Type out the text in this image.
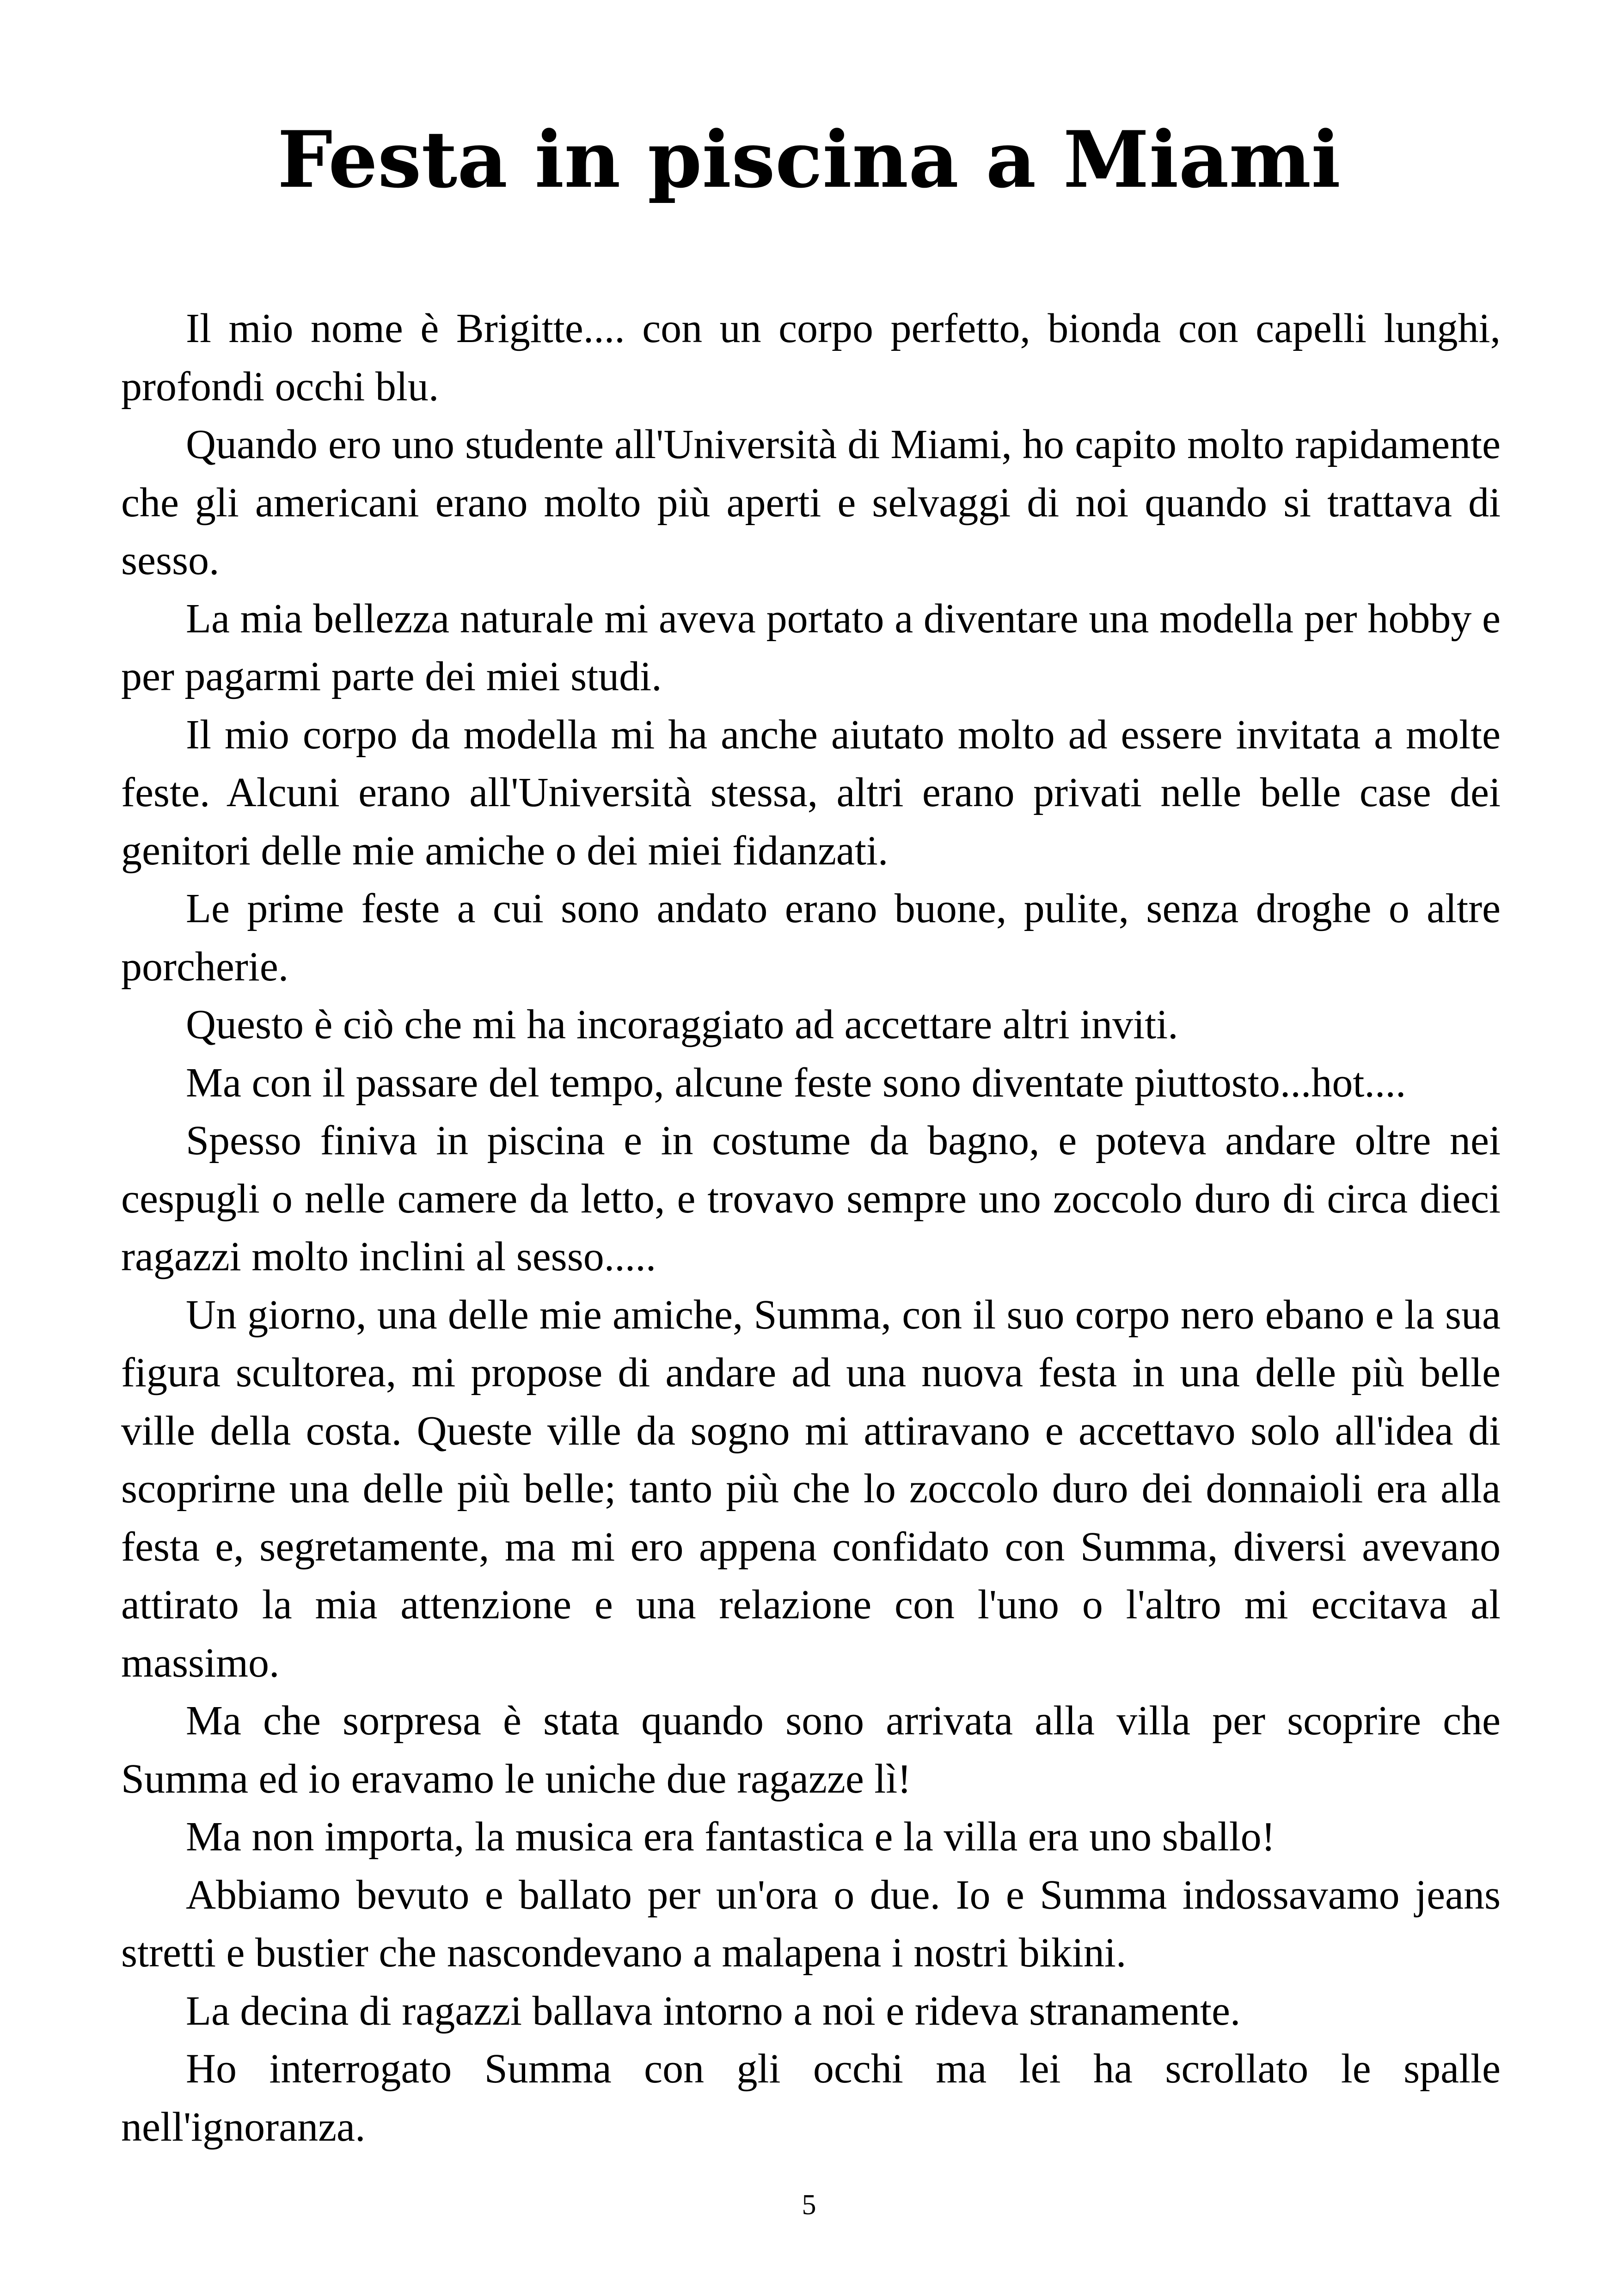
Festa in piscina a Miami

Il mio nome è Brigitte.... con un corpo perfetto, bionda con capelli lunghi, profondi occhi blu.

Quando ero uno studente all'Università di Miami, ho capito molto rapidamente che gli americani erano molto più aperti e selvaggi di noi quando si trattava di sesso.

La mia bellezza naturale mi aveva portato a diventare una modella per hobby e per pagarmi parte dei miei studi.

Il mio corpo da modella mi ha anche aiutato molto ad essere invitata a molte feste. Alcuni erano all'Università stessa, altri erano privati nelle belle case dei genitori delle mie amiche o dei miei fidanzati.

Le prime feste a cui sono andato erano buone, pulite, senza droghe o altre porcherie.

Questo è ciò che mi ha incoraggiato ad accettare altri inviti.

Ma con il passare del tempo, alcune feste sono diventate piuttosto...hot....

Spesso finiva in piscina e in costume da bagno, e poteva andare oltre nei cespugli o nelle camere da letto, e trovavo sempre uno zoccolo duro di circa dieci ragazzi molto inclini al sesso.....

Un giorno, una delle mie amiche, Summa, con il suo corpo nero ebano e la sua figura scultorea, mi propose di andare ad una nuova festa in una delle più belle ville della costa. Queste ville da sogno mi attiravano e accettavo solo all'idea di scoprirne una delle più belle; tanto più che lo zoccolo duro dei donnaioli era alla festa e, segretamente, ma mi ero appena confidato con Summa, diversi avevano attirato la mia attenzione e una relazione con l'uno o l'altro mi eccitava al massimo.

Ma che sorpresa è stata quando sono arrivata alla villa per scoprire che Summa ed io eravamo le uniche due ragazze lì!

Ma non importa, la musica era fantastica e la villa era uno sballo!

Abbiamo bevuto e ballato per un'ora o due. Io e Summa indossavamo jeans stretti e bustier che nascondevano a malapena i nostri bikini.

La decina di ragazzi ballava intorno a noi e rideva stranamente.

Ho interrogato Summa con gli occhi ma lei ha scrollato le spalle nell'ignoranza.

5
